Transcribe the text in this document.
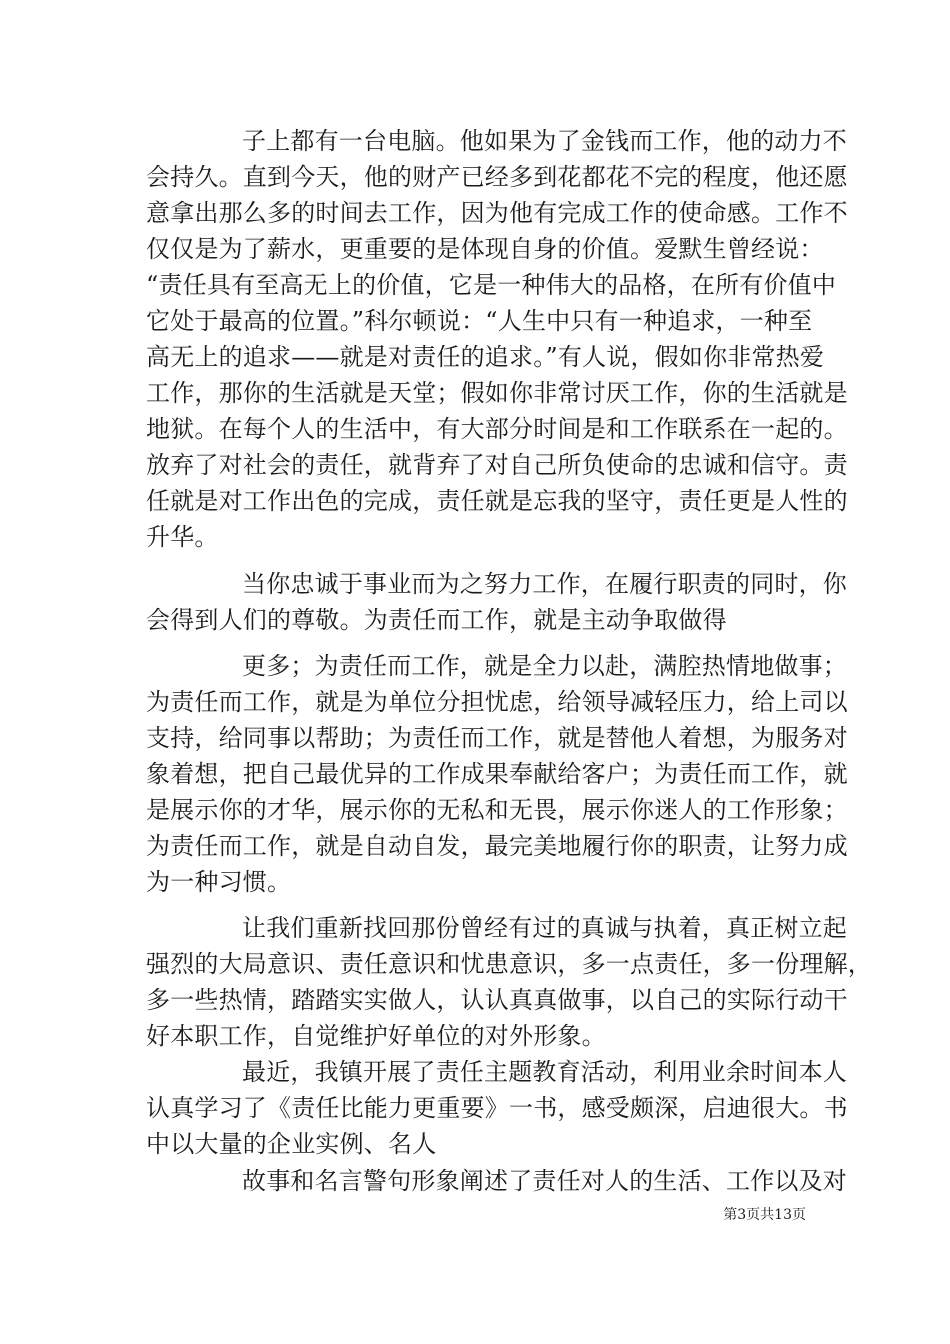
子上都有一台电脑。他如果为了金钱而工作，他的动力不
会持久。直到今天，他的财产已经多到花都花不完的程度，他还愿
意拿出那么多的时间去工作，因为他有完成工作的使命感。工作不
仅仅是为了薪水，更重要的是体现自身的价值。爱默生曾经说：
“责任具有至高无上的价值，它是一种伟大的品格，在所有价值中
它处于最高的位置。”科尔顿说：“人生中只有一种追求，一种至
高无上的追求——就是对责任的追求。”有人说，假如你非常热爱
工作，那你的生活就是天堂；假如你非常讨厌工作，你的生活就是
地狱。在每个人的生活中，有大部分时间是和工作联系在一起的。
放弃了对社会的责任，就背弃了对自己所负使命的忠诚和信守。责
任就是对工作出色的完成，责任就是忘我的坚守，责任更是人性的
升华。
当你忠诚于事业而为之努力工作，在履行职责的同时，你
会得到人们的尊敬。为责任而工作，就是主动争取做得
更多；为责任而工作，就是全力以赴，满腔热情地做事；
为责任而工作，就是为单位分担忧虑，给领导减轻压力，给上司以
支持，给同事以帮助；为责任而工作，就是替他人着想，为服务对
象着想，把自己最优异的工作成果奉献给客户；为责任而工作，就
是展示你的才华，展示你的无私和无畏，展示你迷人的工作形象；
为责任而工作，就是自动自发，最完美地履行你的职责，让努力成
为一种习惯。
让我们重新找回那份曾经有过的真诚与执着，真正树立起
强烈的大局意识、责任意识和忧患意识，多一点责任，多一份理解，
多一些热情，踏踏实实做人，认认真真做事，以自己的实际行动干
好本职工作，自觉维护好单位的对外形象。
最近，我镇开展了责任主题教育活动，利用业余时间本人
认真学习了《责任比能力更重要》一书，感受颇深，启迪很大。书
中以大量的企业实例、名人
故事和名言警句形象阐述了责任对人的生活、工作以及对
第3页共13页
